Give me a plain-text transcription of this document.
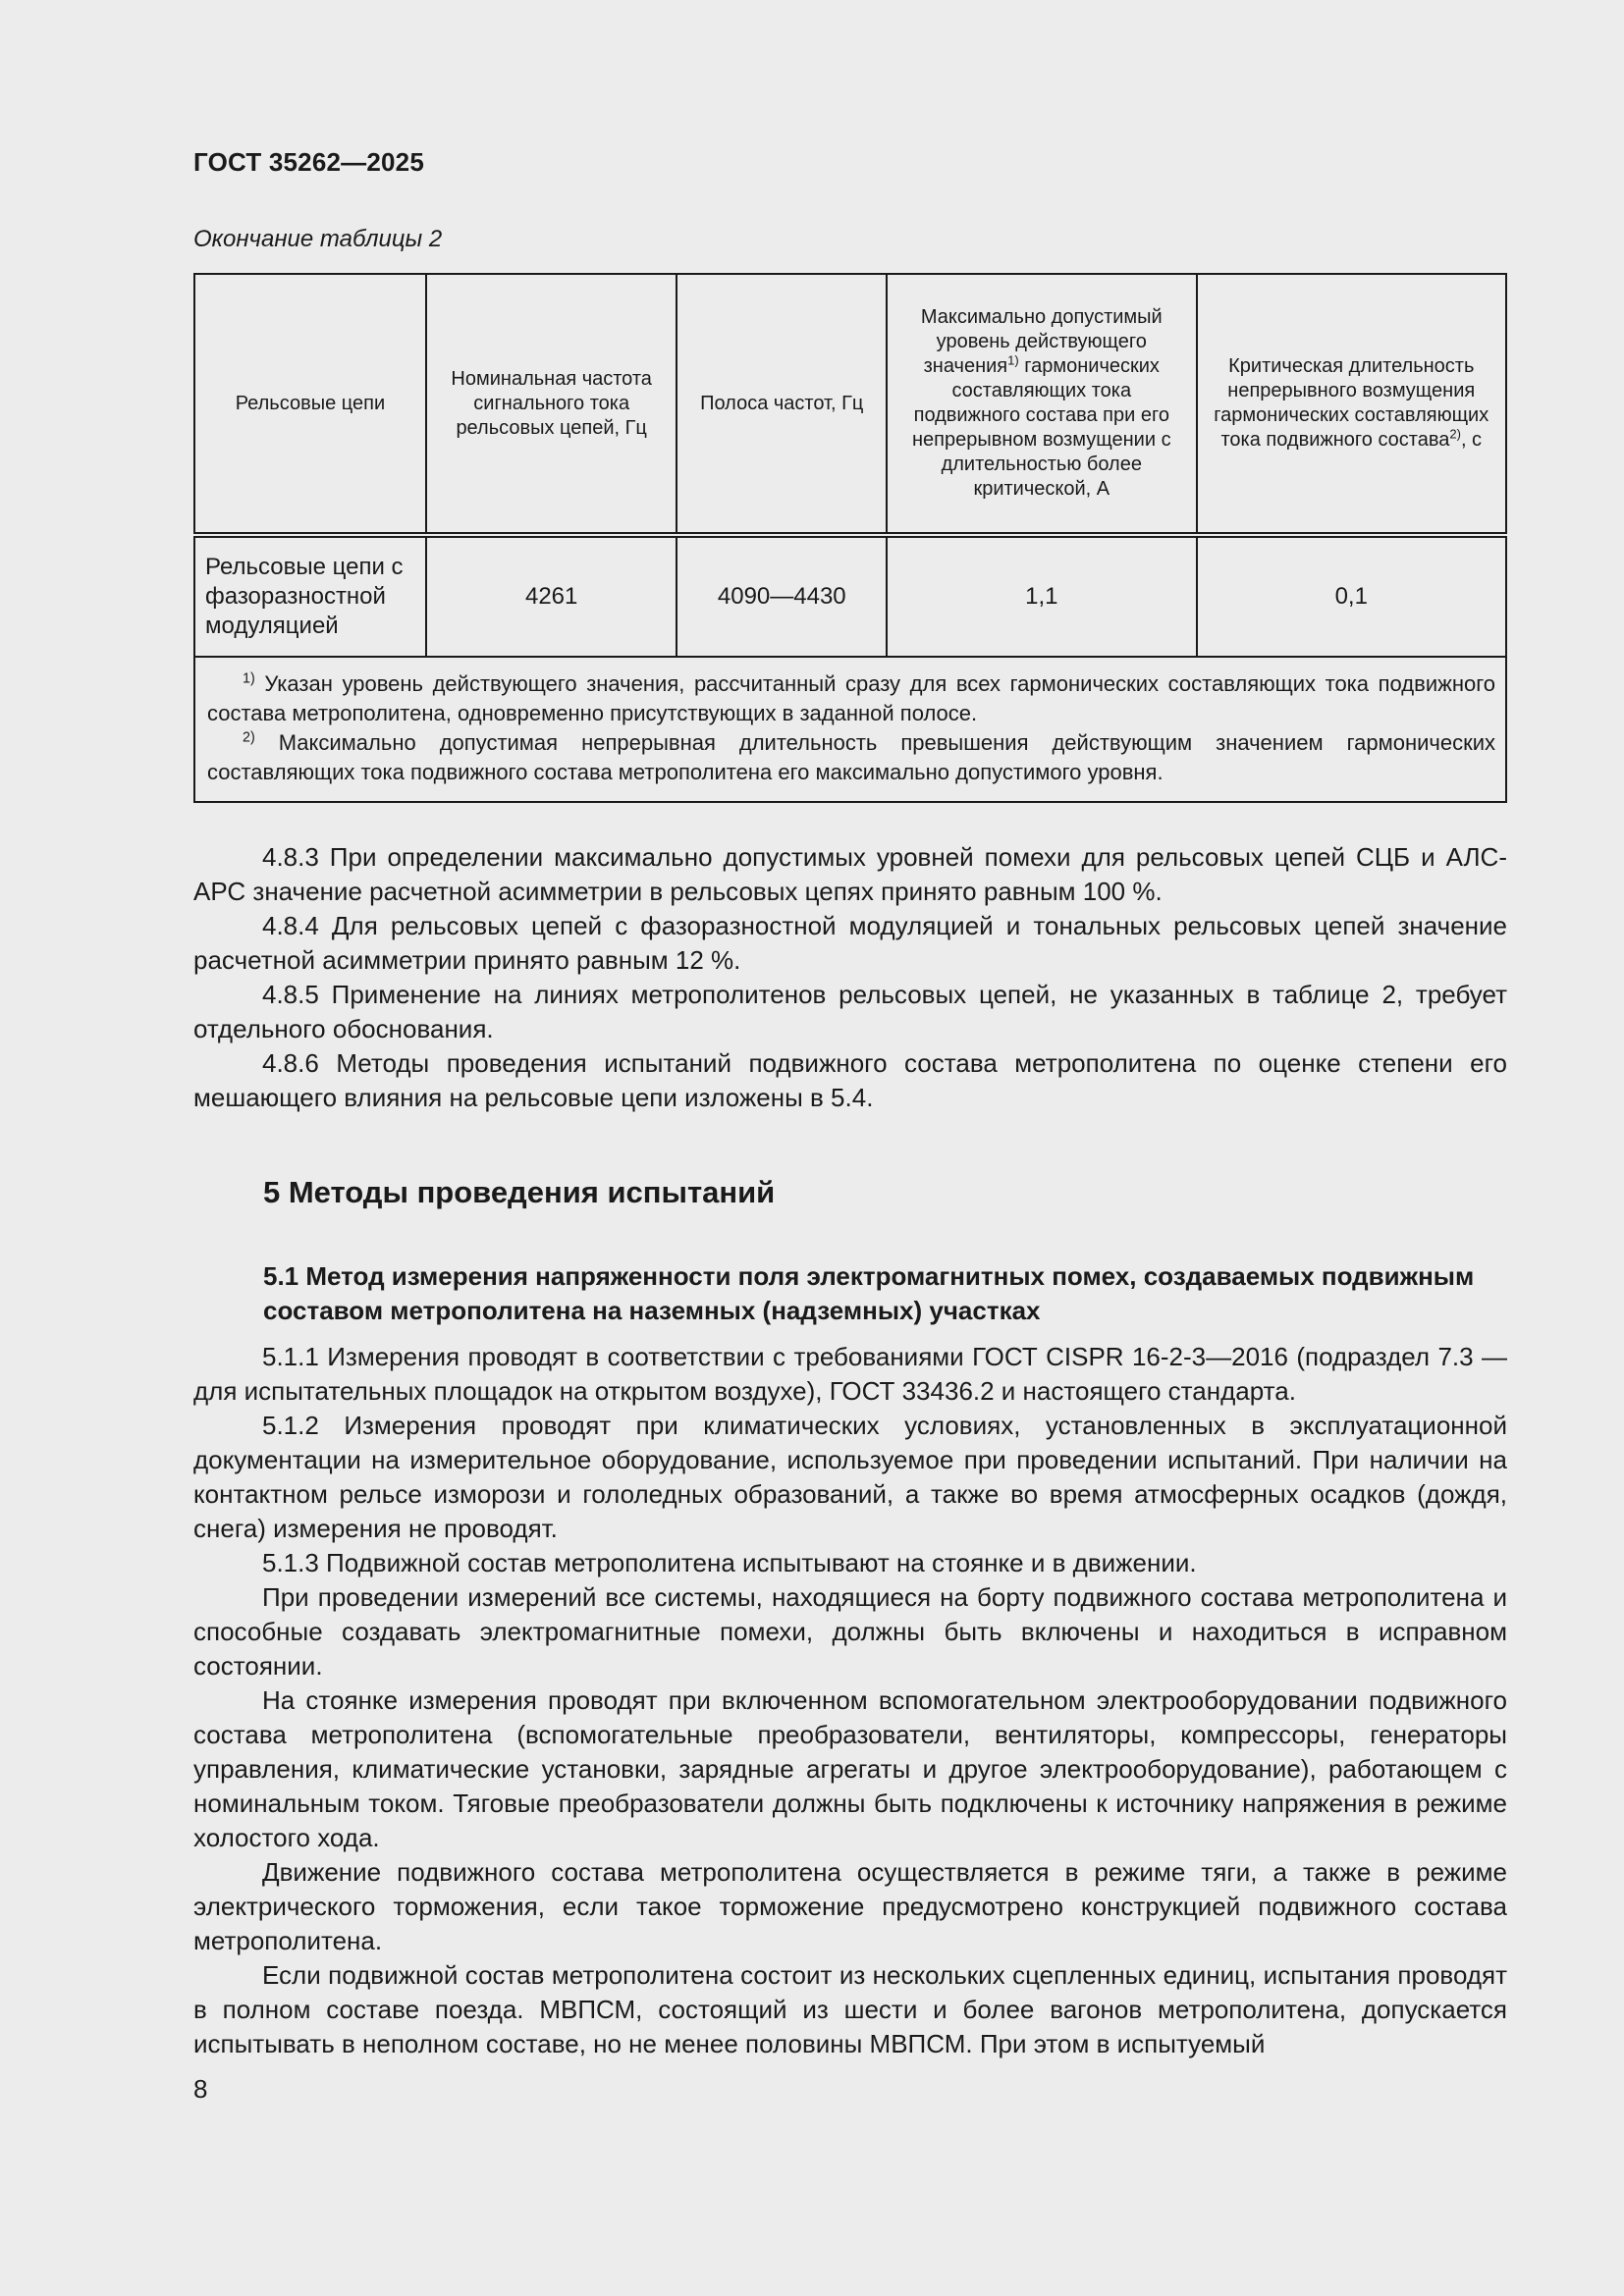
ГОСТ 35262—2025
Окончание таблицы 2
Рельсовые цепи	Номинальная частота сигнального тока рельсовых цепей, Гц	Полоса частот, Гц	Максимально допустимый уровень действующего значения$^{1)}$ гармонических составляющих тока подвижного состава при его непрерывном возмущении с длительностью более критической, А	Критическая длительность непрерывного возмущения гармонических составляющих тока подвижного состава$^{2)}$, с
Рельсовые цепи с фазоразностной модуляцией	4261	4090—4430	1,1	0,1

$^{1)}$ Указан уровень действующего значения, рассчитанный сразу для всех гармонических составляющих тока подвижного состава метрополитена, одновременно присутствующих в заданной полосе.
$^{2)}$ Максимально допустимая непрерывная длительность превышения действующим значением гармонических составляющих тока подвижного состава метрополитена его максимально допустимого уровня.				

4.8.3 При определении максимально допустимых уровней помехи для рельсовых цепей СЦБ и АЛС-АРС значение расчетной асимметрии в рельсовых цепях принято равным 100 %.

4.8.4 Для рельсовых цепей с фазоразностной модуляцией и тональных рельсовых цепей значение расчетной асимметрии принято равным 12 %.

4.8.5 Применение на линиях метрополитенов рельсовых цепей, не указанных в таблице 2, требует отдельного обоснования.

4.8.6 Методы проведения испытаний подвижного состава метрополитена по оценке степени его мешающего влияния на рельсовые цепи изложены в 5.4.

5 Методы проведения испытаний
5.1 Метод измерения напряженности поля электромагнитных помех, создаваемых подвижным составом метрополитена на наземных (надземных) участках

5.1.1 Измерения проводят в соответствии с требованиями ГОСТ CISPR 16-2-3—2016 (подраздел 7.3 — для испытательных площадок на открытом воздухе), ГОСТ 33436.2 и настоящего стандарта.

5.1.2 Измерения проводят при климатических условиях, установленных в эксплуатационной документации на измерительное оборудование, используемое при проведении испытаний. При наличии на контактном рельсе изморози и гололедных образований, а также во время атмосферных осадков (дождя, снега) измерения не проводят.

5.1.3 Подвижной состав метрополитена испытывают на стоянке и в движении.

При проведении измерений все системы, находящиеся на борту подвижного состава метрополитена и способные создавать электромагнитные помехи, должны быть включены и находиться в исправном состоянии.

На стоянке измерения проводят при включенном вспомогательном электрооборудовании подвижного состава метрополитена (вспомогательные преобразователи, вентиляторы, компрессоры, генераторы управления, климатические установки, зарядные агрегаты и другое электрооборудование), работающем с номинальным током. Тяговые преобразователи должны быть подключены к источнику напряжения в режиме холостого хода.

Движение подвижного состава метрополитена осуществляется в режиме тяги, а также в режиме электрического торможения, если такое торможение предусмотрено конструкцией подвижного состава метрополитена.

Если подвижной состав метрополитена состоит из нескольких сцепленных единиц, испытания проводят в полном составе поезда. МВПСМ, состоящий из шести и более вагонов метрополитена, допускается испытывать в неполном составе, но не менее половины МВПСМ. При этом в испытуемый

8
